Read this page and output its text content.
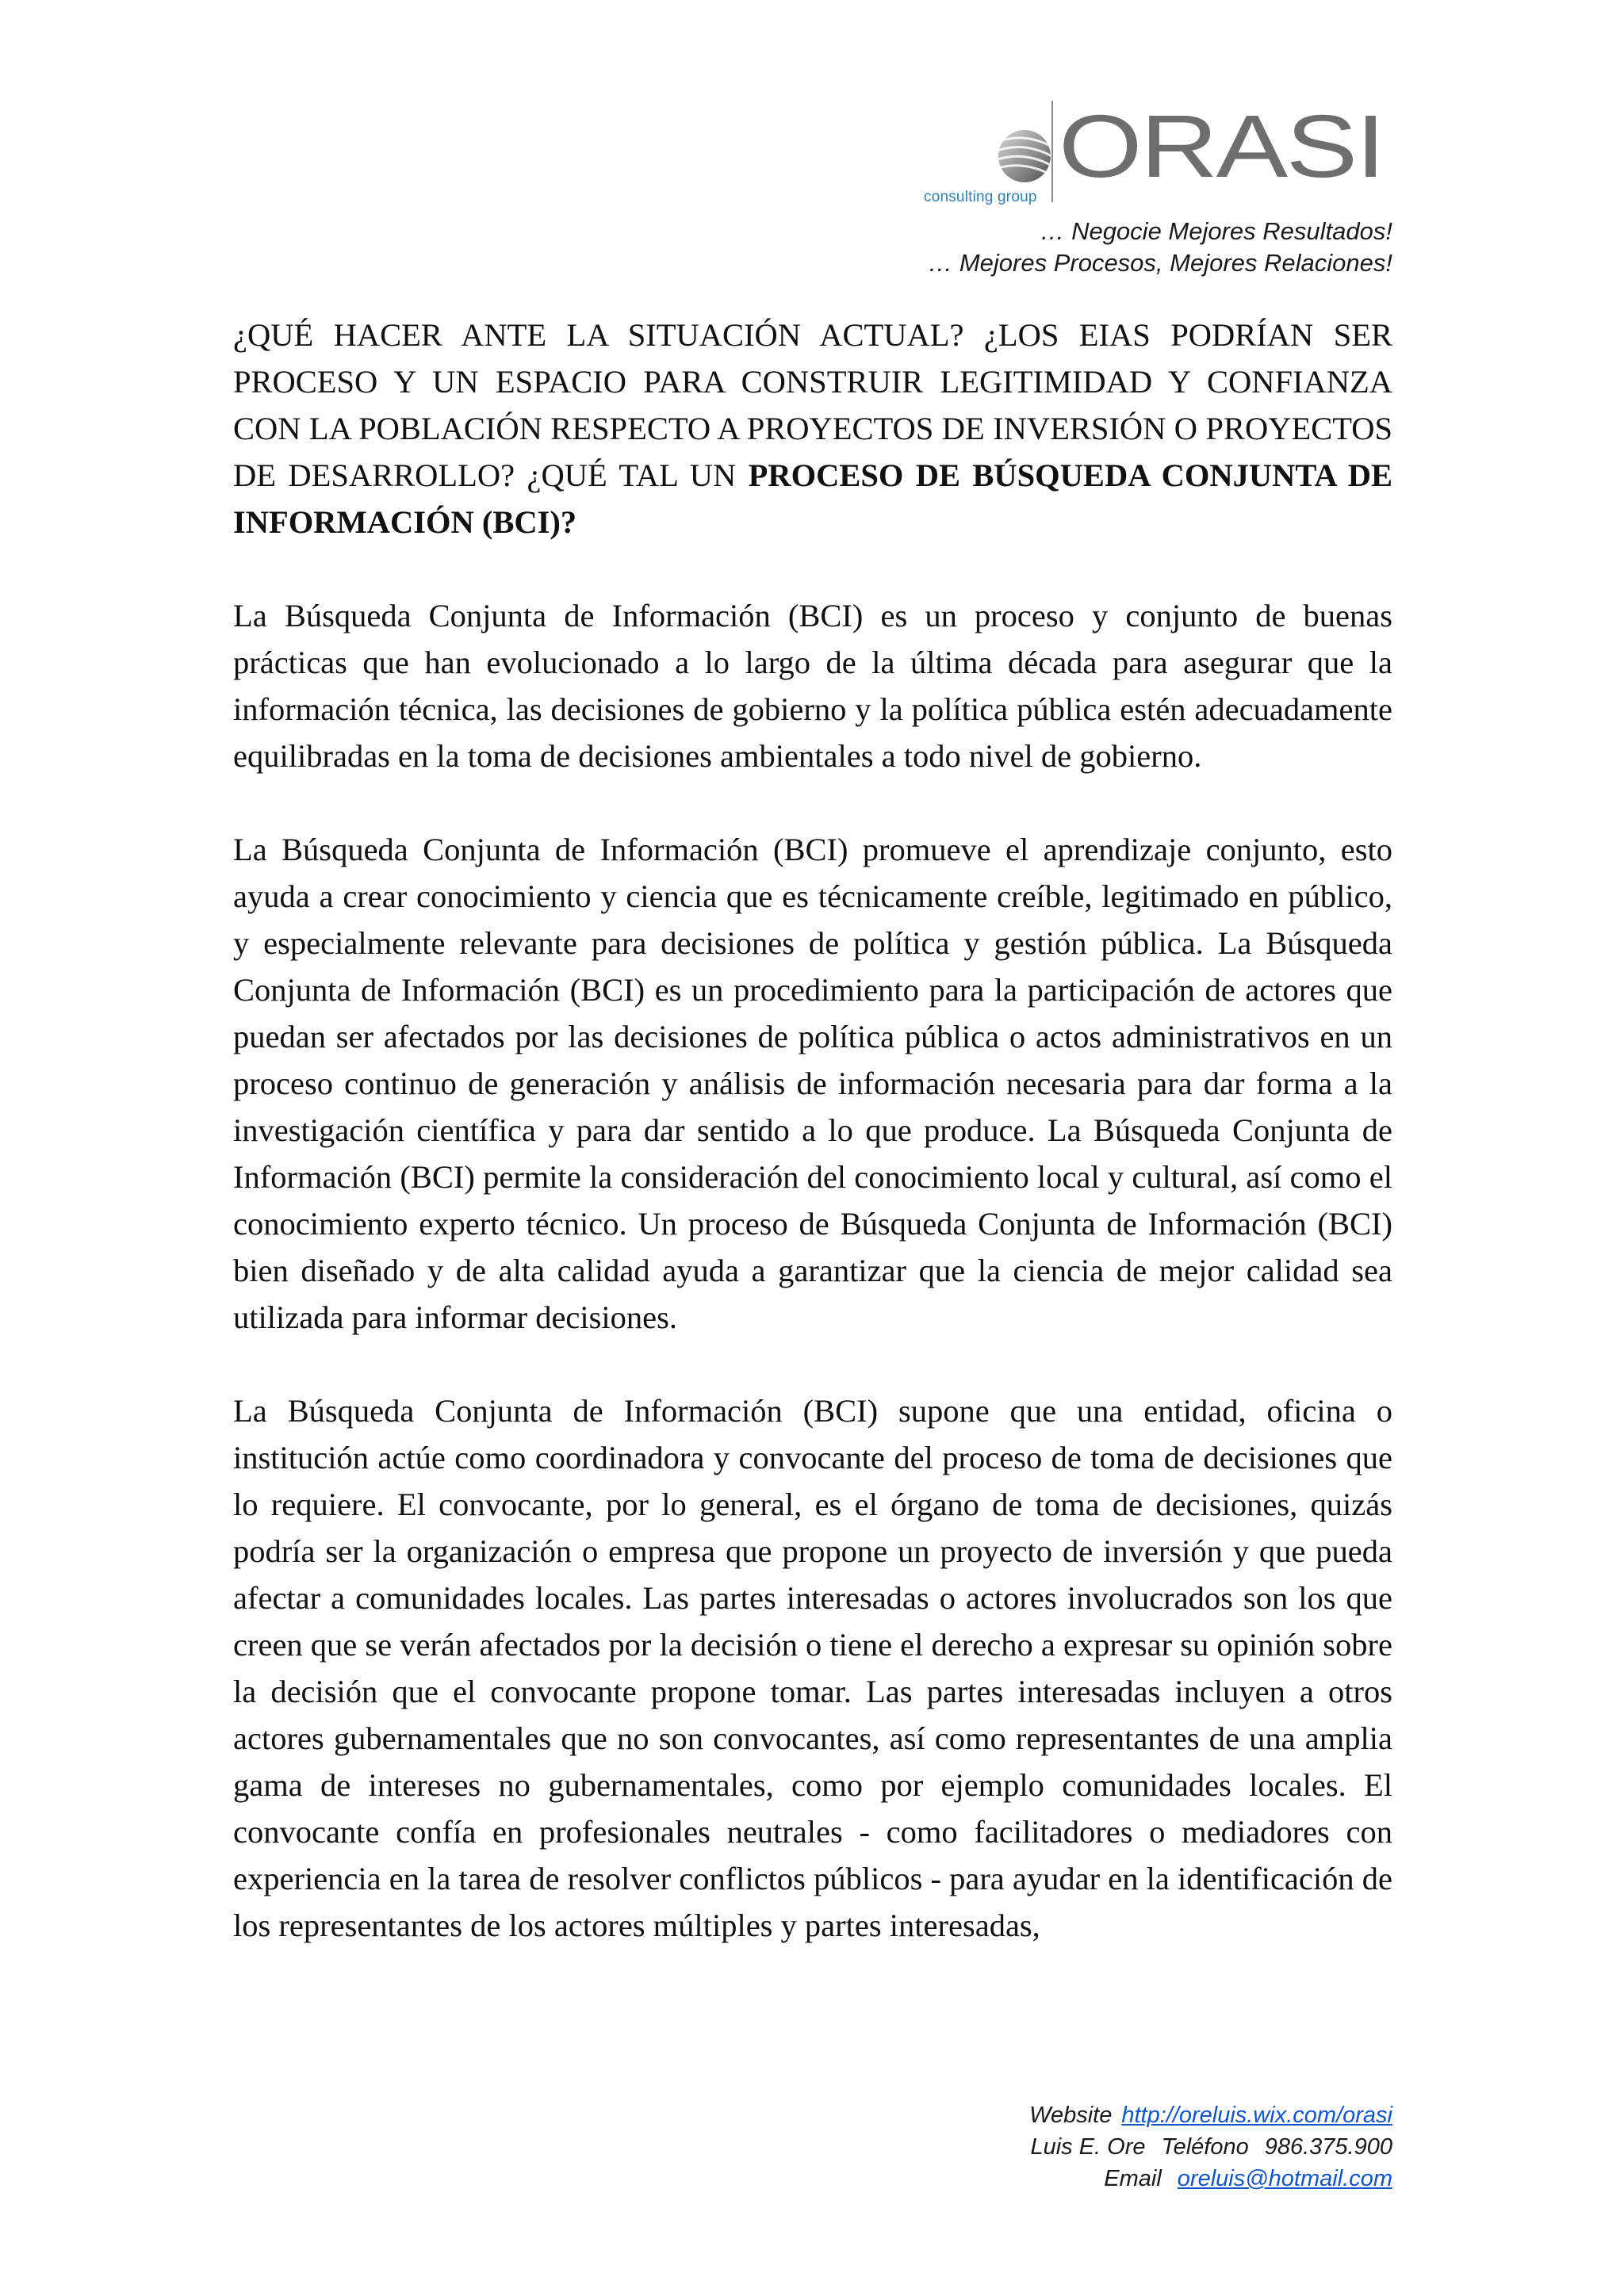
ORASI
consulting group
… Negocie Mejores Resultados!
… Mejores Procesos, Mejores Relaciones!

¿QUÉ HACER ANTE LA SITUACIÓN ACTUAL? ¿LOS EIAS PODRÍAN SER PROCESO Y UN ESPACIO PARA CONSTRUIR LEGITIMIDAD Y CONFIANZA CON LA POBLACIÓN RESPECTO A PROYECTOS DE INVERSIÓN O PROYECTOS DE DESARROLLO? ¿QUÉ TAL UN PROCESO DE BÚSQUEDA CONJUNTA DE INFORMACIÓN (BCI)?

La Búsqueda Conjunta de Información (BCI) es un proceso y conjunto de buenas prácticas que han evolucionado a lo largo de la última década para asegurar que la información técnica, las decisiones de gobierno y la política pública estén adecuadamente equilibradas en la toma de decisiones ambientales a todo nivel de gobierno.

La Búsqueda Conjunta de Información (BCI) promueve el aprendizaje conjunto, esto ayuda a crear conocimiento y ciencia que es técnicamente creíble, legitimado en público, y especialmente relevante para decisiones de política y gestión pública. La Búsqueda Conjunta de Información (BCI) es un procedimiento para la participación de actores que puedan ser afectados por las decisiones de política pública o actos administrativos en un proceso continuo de generación y análisis de información necesaria para dar forma a la investigación científica y para dar sentido a lo que produce. La Búsqueda Conjunta de Información (BCI) permite la consideración del conocimiento local y cultural, así como el conocimiento experto técnico. Un proceso de Búsqueda Conjunta de Información (BCI) bien diseñado y de alta calidad ayuda a garantizar que la ciencia de mejor calidad sea utilizada para informar decisiones.

La Búsqueda Conjunta de Información (BCI) supone que una entidad, oficina o institución actúe como coordinadora y convocante del proceso de toma de decisiones que lo requiere. El convocante, por lo general, es el órgano de toma de decisiones, quizás podría ser la organización o empresa que propone un proyecto de inversión y que pueda afectar a comunidades locales. Las partes interesadas o actores involucrados son los que creen que se verán afectados por la decisión o tiene el derecho a expresar su opinión sobre la decisión que el convocante propone tomar. Las partes interesadas incluyen a otros actores gubernamentales que no son convocantes, así como representantes de una amplia gama de intereses no gubernamentales, como por ejemplo comunidades locales. El convocante confía en profesionales neutrales - como facilitadores o mediadores con experiencia en la tarea de resolver conflictos públicos - para ayudar en la identificación de los representantes de los actores múltiples y partes interesadas,

Website http://oreluis.wix.com/orasi
Luis E. Ore Teléfono 986.375.900
Email oreluis@hotmail.com
